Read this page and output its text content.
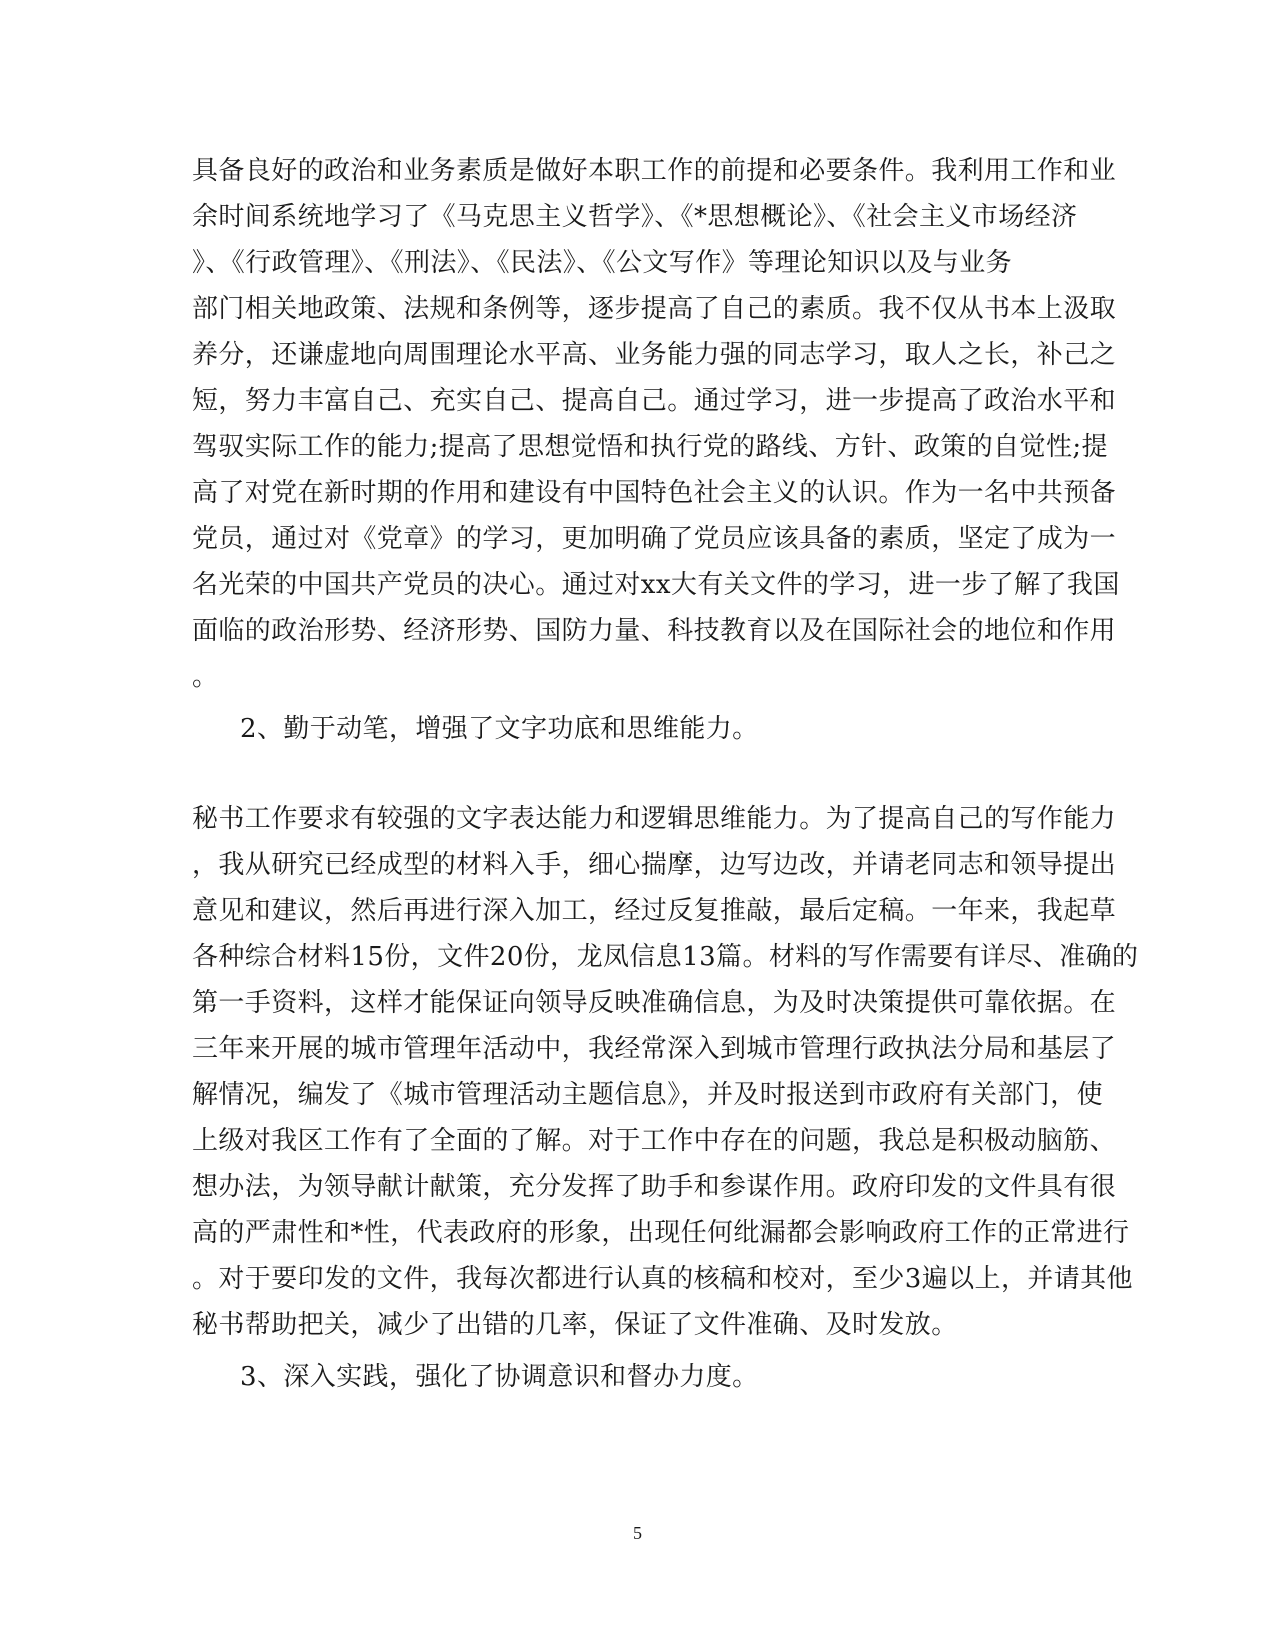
具备良好的政治和业务素质是做好本职工作的前提和必要条件。我利用工作和业
余时间系统地学习了《马克思主义哲学》、《*思想概论》、《社会主义市场经济
》、《行政管理》、《刑法》、《民法》、《公文写作》等理论知识以及与业务
部门相关地政策、法规和条例等，逐步提高了自己的素质。我不仅从书本上汲取
养分，还谦虚地向周围理论水平高、业务能力强的同志学习，取人之长，补己之
短，努力丰富自己、充实自己、提高自己。通过学习，进一步提高了政治水平和
驾驭实际工作的能力;提高了思想觉悟和执行党的路线、方针、政策的自觉性;提
高了对党在新时期的作用和建设有中国特色社会主义的认识。作为一名中共预备
党员，通过对《党章》的学习，更加明确了党员应该具备的素质，坚定了成为一
名光荣的中国共产党员的决心。通过对xx大有关文件的学习，进一步了解了我国
面临的政治形势、经济形势、国防力量、科技教育以及在国际社会的地位和作用
。
2、勤于动笔，增强了文字功底和思维能力。
秘书工作要求有较强的文字表达能力和逻辑思维能力。为了提高自己的写作能力
，我从研究已经成型的材料入手，细心揣摩，边写边改，并请老同志和领导提出
意见和建议，然后再进行深入加工，经过反复推敲，最后定稿。一年来，我起草
各种综合材料15份，文件20份，龙凤信息13篇。材料的写作需要有详尽、准确的
第一手资料，这样才能保证向领导反映准确信息，为及时决策提供可靠依据。在
三年来开展的城市管理年活动中，我经常深入到城市管理行政执法分局和基层了
解情况，编发了《城市管理活动主题信息》，并及时报送到市政府有关部门，使
上级对我区工作有了全面的了解。对于工作中存在的问题，我总是积极动脑筋、
想办法，为领导献计献策，充分发挥了助手和参谋作用。政府印发的文件具有很
高的严肃性和*性，代表政府的形象，出现任何纰漏都会影响政府工作的正常进行
。对于要印发的文件，我每次都进行认真的核稿和校对，至少3遍以上，并请其他
秘书帮助把关，减少了出错的几率，保证了文件准确、及时发放。
3、深入实践，强化了协调意识和督办力度。
5
